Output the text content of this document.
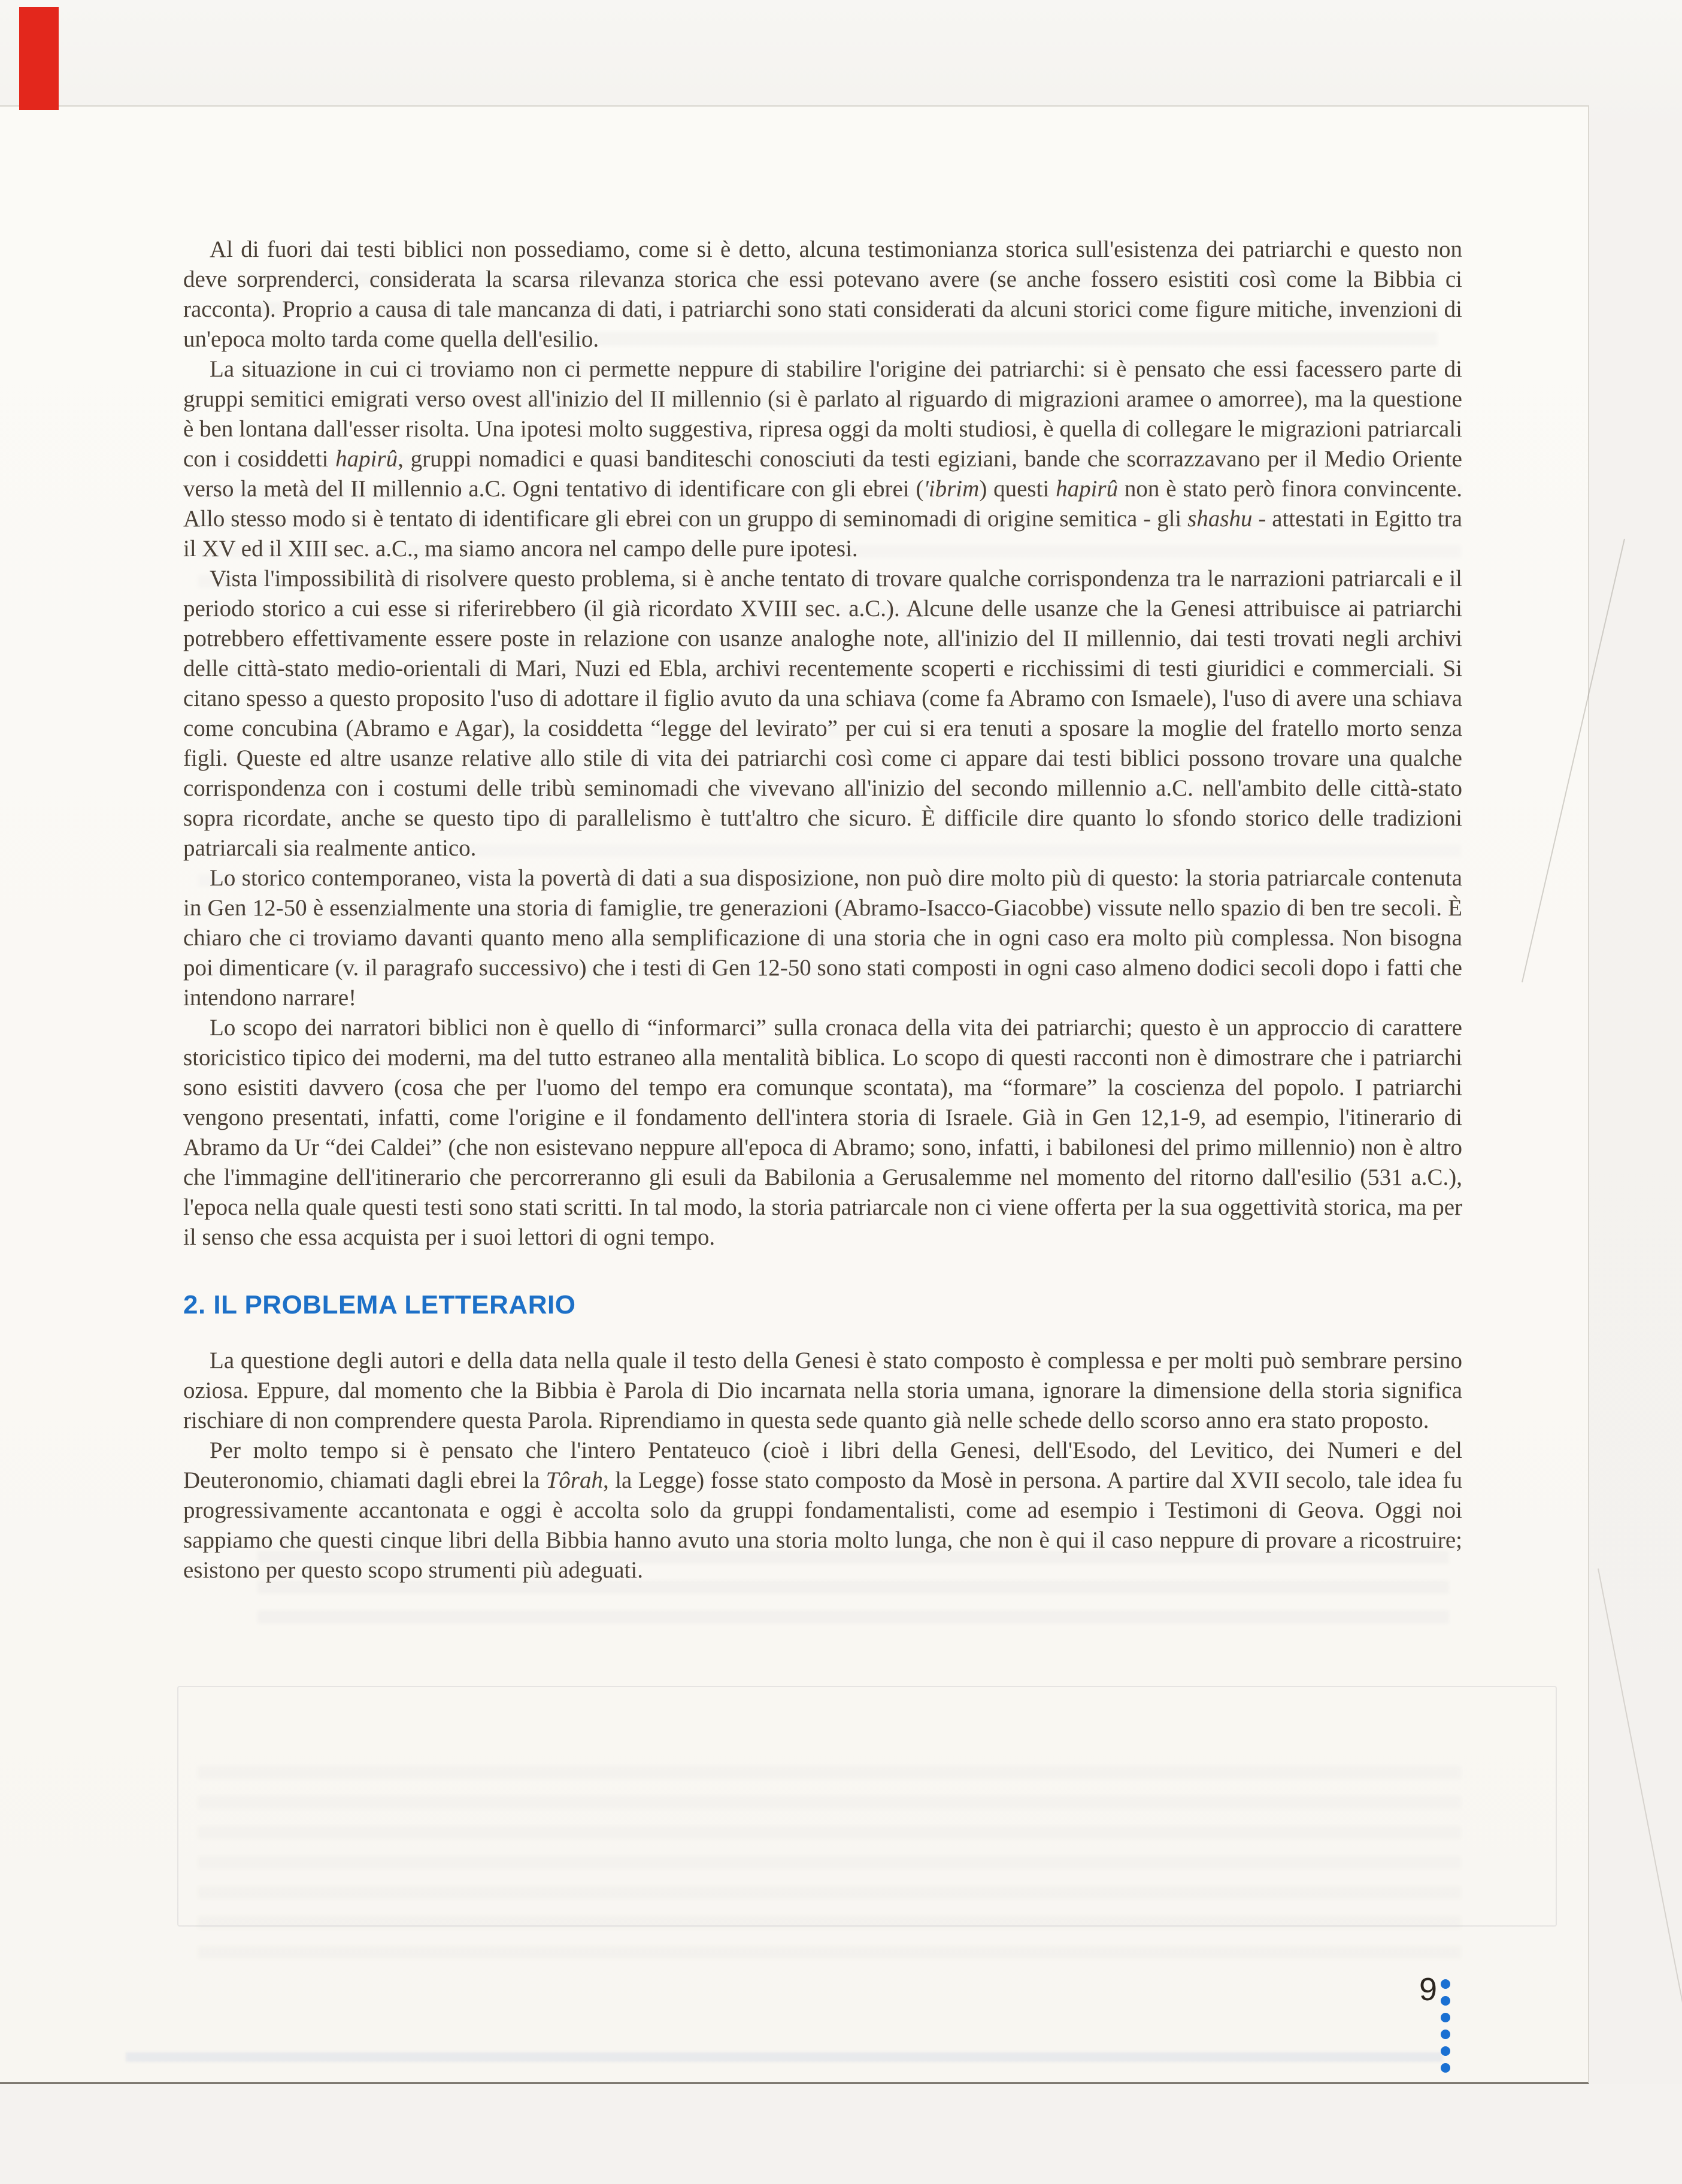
Al di fuori dai testi biblici non possediamo, come si è detto, alcuna testimonianza storica sull'esistenza dei patriarchi e questo non deve sorprenderci, considerata la scarsa rilevanza storica che essi potevano avere (se anche fossero esistiti così come la Bibbia ci racconta). Proprio a causa di tale mancanza di dati, i patriarchi sono stati considerati da alcuni storici come figure mitiche, invenzioni di un'epoca molto tarda come quella dell'esilio.

La situazione in cui ci troviamo non ci permette neppure di stabilire l'origine dei patriarchi: si è pensato che essi facessero parte di gruppi semitici emigrati verso ovest all'inizio del II millennio (si è parlato al riguardo di migrazioni aramee o amorree), ma la questione è ben lontana dall'esser risolta. Una ipotesi molto suggestiva, ripresa oggi da molti studiosi, è quella di collegare le migrazioni patriarcali con i cosiddetti hapirû, gruppi nomadici e quasi banditeschi conosciuti da testi egiziani, bande che scorrazzavano per il Medio Oriente verso la metà del II millennio a.C. Ogni tentativo di identificare con gli ebrei ('ibrim) questi hapirû non è stato però finora convincente. Allo stesso modo si è tentato di identificare gli ebrei con un gruppo di seminomadi di origine semitica - gli shashu - attestati in Egitto tra il XV ed il XIII sec. a.C., ma siamo ancora nel campo delle pure ipotesi.

Vista l'impossibilità di risolvere questo problema, si è anche tentato di trovare qualche corrispondenza tra le narrazioni patriarcali e il periodo storico a cui esse si riferirebbero (il già ricordato XVIII sec. a.C.). Alcune delle usanze che la Genesi attribuisce ai patriarchi potrebbero effettivamente essere poste in relazione con usanze analoghe note, all'inizio del II millennio, dai testi trovati negli archivi delle città-stato medio-orientali di Mari, Nuzi ed Ebla, archivi recentemente scoperti e ricchissimi di testi giuridici e commerciali. Si citano spesso a questo proposito l'uso di adottare il figlio avuto da una schiava (come fa Abramo con Ismaele), l'uso di avere una schiava come concubina (Abramo e Agar), la cosiddetta “legge del levirato” per cui si era tenuti a sposare la moglie del fratello morto senza figli. Queste ed altre usanze relative allo stile di vita dei patriarchi così come ci appare dai testi biblici possono trovare una qualche corrispondenza con i costumi delle tribù seminomadi che vivevano all'inizio del secondo millennio a.C. nell'ambito delle città-stato sopra ricordate, anche se questo tipo di parallelismo è tutt'altro che sicuro. È difficile dire quanto lo sfondo storico delle tradizioni patriarcali sia realmente antico.

Lo storico contemporaneo, vista la povertà di dati a sua disposizione, non può dire molto più di questo: la storia patriarcale contenuta in Gen 12-50 è essenzialmente una storia di famiglie, tre generazioni (Abramo-Isacco-Giacobbe) vissute nello spazio di ben tre secoli. È chiaro che ci troviamo davanti quanto meno alla semplificazione di una storia che in ogni caso era molto più complessa. Non bisogna poi dimenticare (v. il paragrafo successivo) che i testi di Gen 12-50 sono stati composti in ogni caso almeno dodici secoli dopo i fatti che intendono narrare!

Lo scopo dei narratori biblici non è quello di “informarci” sulla cronaca della vita dei patriarchi; questo è un approccio di carattere storicistico tipico dei moderni, ma del tutto estraneo alla mentalità biblica. Lo scopo di questi racconti non è dimostrare che i patriarchi sono esistiti davvero (cosa che per l'uomo del tempo era comunque scontata), ma “formare” la coscienza del popolo. I patriarchi vengono presentati, infatti, come l'origine e il fondamento dell'intera storia di Israele. Già in Gen 12,1-9, ad esempio, l'itinerario di Abramo da Ur “dei Caldei” (che non esistevano neppure all'epoca di Abramo; sono, infatti, i babilonesi del primo millennio) non è altro che l'immagine dell'itinerario che percorreranno gli esuli da Babilonia a Gerusalemme nel momento del ritorno dall'esilio (531 a.C.), l'epoca nella quale questi testi sono stati scritti. In tal modo, la storia patriarcale non ci viene offerta per la sua oggettività storica, ma per il senso che essa acquista per i suoi lettori di ogni tempo.

2. IL PROBLEMA LETTERARIO

La questione degli autori e della data nella quale il testo della Genesi è stato composto è complessa e per molti può sembrare persino oziosa. Eppure, dal momento che la Bibbia è Parola di Dio incarnata nella storia umana, ignorare la dimensione della storia significa rischiare di non comprendere questa Parola. Riprendiamo in questa sede quanto già nelle schede dello scorso anno era stato proposto.

Per molto tempo si è pensato che l'intero Pentateuco (cioè i libri della Genesi, dell'Esodo, del Levitico, dei Numeri e del Deuteronomio, chiamati dagli ebrei la Tôrah, la Legge) fosse stato composto da Mosè in persona. A partire dal XVII secolo, tale idea fu progressivamente accantonata e oggi è accolta solo da gruppi fondamentalisti, come ad esempio i Testimoni di Geova. Oggi noi sappiamo che questi cinque libri della Bibbia hanno avuto una storia molto lunga, che non è qui il caso neppure di provare a ricostruire; esistono per questo scopo strumenti più adeguati.

9
